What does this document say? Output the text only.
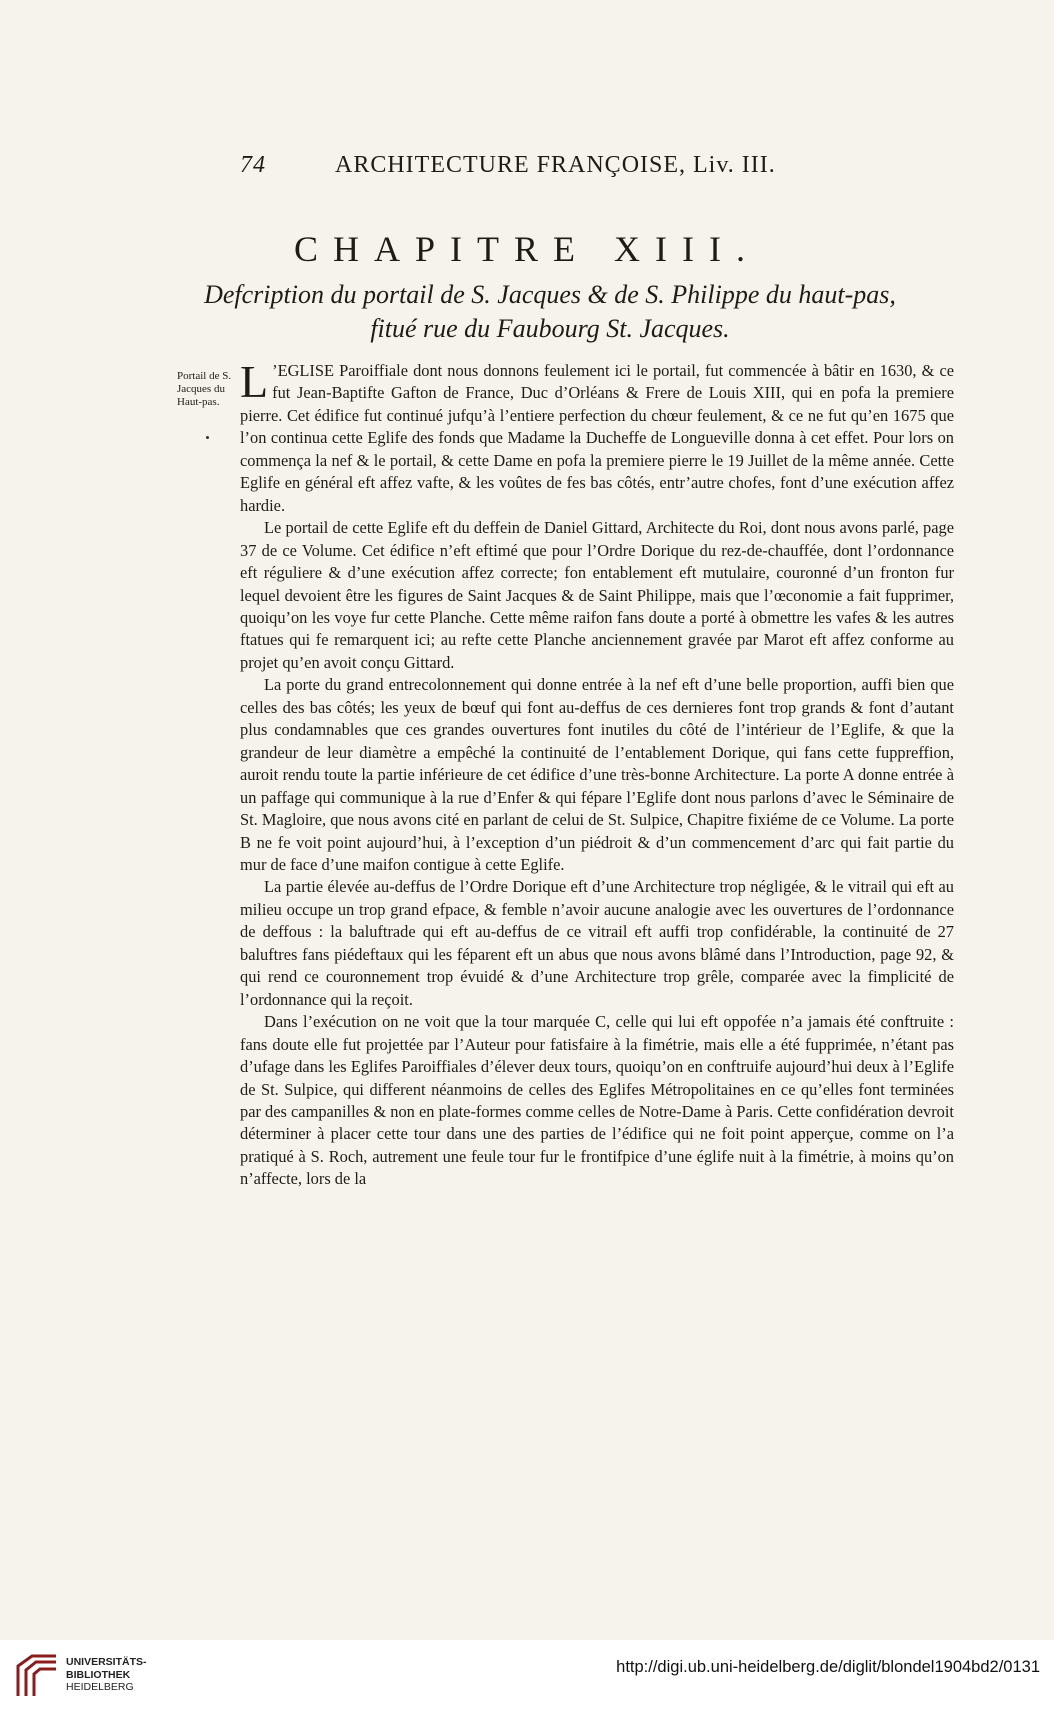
74	ARCHITECTURE FRANÇOISE, Liv. III.
CHAPITRE XIII.
Defcription du portail de S. Jacques & de S. Philippe du haut-pas,
fitué rue du Faubourg St. Jacques.
Portail de S. Jacques du Haut-pas. L ’EGLISE Paroiffiale dont nous donnons feulement ici le portail, fut commencée à bâtir en 1630, & ce fut Jean-Baptifte Gafton de France, Duc d’Orléans & Frere de Louis XIII, qui en pofa la premiere pierre. Cet édifice fut continué jufqu’à l’entiere perfection du chœur feulement, & ce ne fut qu’en 1675 que l’on continua cette Eglife des fonds que Madame la Ducheffe de Longueville donna à cet effet. Pour lors on commença la nef & le portail, & cette Dame en pofa la premiere pierre le 19 Juillet de la même année. Cette Eglife en général eft affez vafte, & les voûtes de fes bas côtés, entr’autre chofes, font d’une exécution affez hardie.

Le portail de cette Eglife eft du deffein de Daniel Gittard, Architecte du Roi, dont nous avons parlé, page 37 de ce Volume. Cet édifice n’eft eftimé que pour l’Ordre Dorique du rez-de-chauffée, dont l’ordonnance eft réguliere & d’une exécution affez correcte; fon entablement eft mutulaire, couronné d’un fronton fur lequel devoient être les figures de Saint Jacques & de Saint Philippe, mais que l’œconomie a fait fupprimer, quoiqu’on les voye fur cette Planche. Cette même raifon fans doute a porté à obmettre les vafes & les autres ftatues qui fe remarquent ici; au refte cette Planche anciennement gravée par Marot eft affez conforme au projet qu’en avoit conçu Gittard.

La porte du grand entrecolonnement qui donne entrée à la nef eft d’une belle proportion, auffi bien que celles des bas côtés; les yeux de bœuf qui font au-deffus de ces dernieres font trop grands & font d’autant plus condamnables que ces grandes ouvertures font inutiles du côté de l’intérieur de l’Eglife, & que la grandeur de leur diamètre a empêché la continuité de l’entablement Dorique, qui fans cette fuppreffion, auroit rendu toute la partie inférieure de cet édifice d’une très-bonne Architecture. La porte A donne entrée à un paffage qui communique à la rue d’Enfer & qui fépare l’Eglife dont nous parlons d’avec le Séminaire de St. Magloire, que nous avons cité en parlant de celui de St. Sulpice, Chapitre fixiéme de ce Volume. La porte B ne fe voit point aujourd’hui, à l’exception d’un piédroit & d’un commencement d’arc qui fait partie du mur de face d’une maifon contigue à cette Eglife.

La partie élevée au-deffus de l’Ordre Dorique eft d’une Architecture trop négligée, & le vitrail qui eft au milieu occupe un trop grand efpace, & femble n’avoir aucune analogie avec les ouvertures de l’ordonnance de deffous : la baluftrade qui eft au-deffus de ce vitrail eft auffi trop confidérable, la continuité de 27 baluftres fans piédeftaux qui les féparent eft un abus que nous avons blâmé dans l’Introduction, page 92, & qui rend ce couronnement trop évuidé & d’une Architecture trop grêle, comparée avec la fimplicité de l’ordonnance qui la reçoit.

Dans l’exécution on ne voit que la tour marquée C, celle qui lui eft oppofée n’a jamais été conftruite : fans doute elle fut projettée par l’Auteur pour fatisfaire à la fimétrie, mais elle a été fupprimée, n’étant pas d’ufage dans les Eglifes Paroiffiales d’élever deux tours, quoiqu’on en conftruife aujourd’hui deux à l’Eglife de St. Sulpice, qui different néanmoins de celles des Eglifes Métropolitaines en ce qu’elles font terminées par des campanilles & non en plate-formes comme celles de Notre-Dame à Paris. Cette confidération devroit déterminer à placer cette tour dans une des parties de l’édifice qui ne foit point apperçue, comme on l’a pratiqué à S. Roch, autrement une feule tour fur le frontifpice d’une églife nuit à la fimétrie, à moins qu’on n’affecte, lors de la

UNIVERSITÄTS-
BIBLIOTHEK
HEIDELBERG
http://digi.ub.uni-heidelberg.de/diglit/blondel1904bd2/0131
